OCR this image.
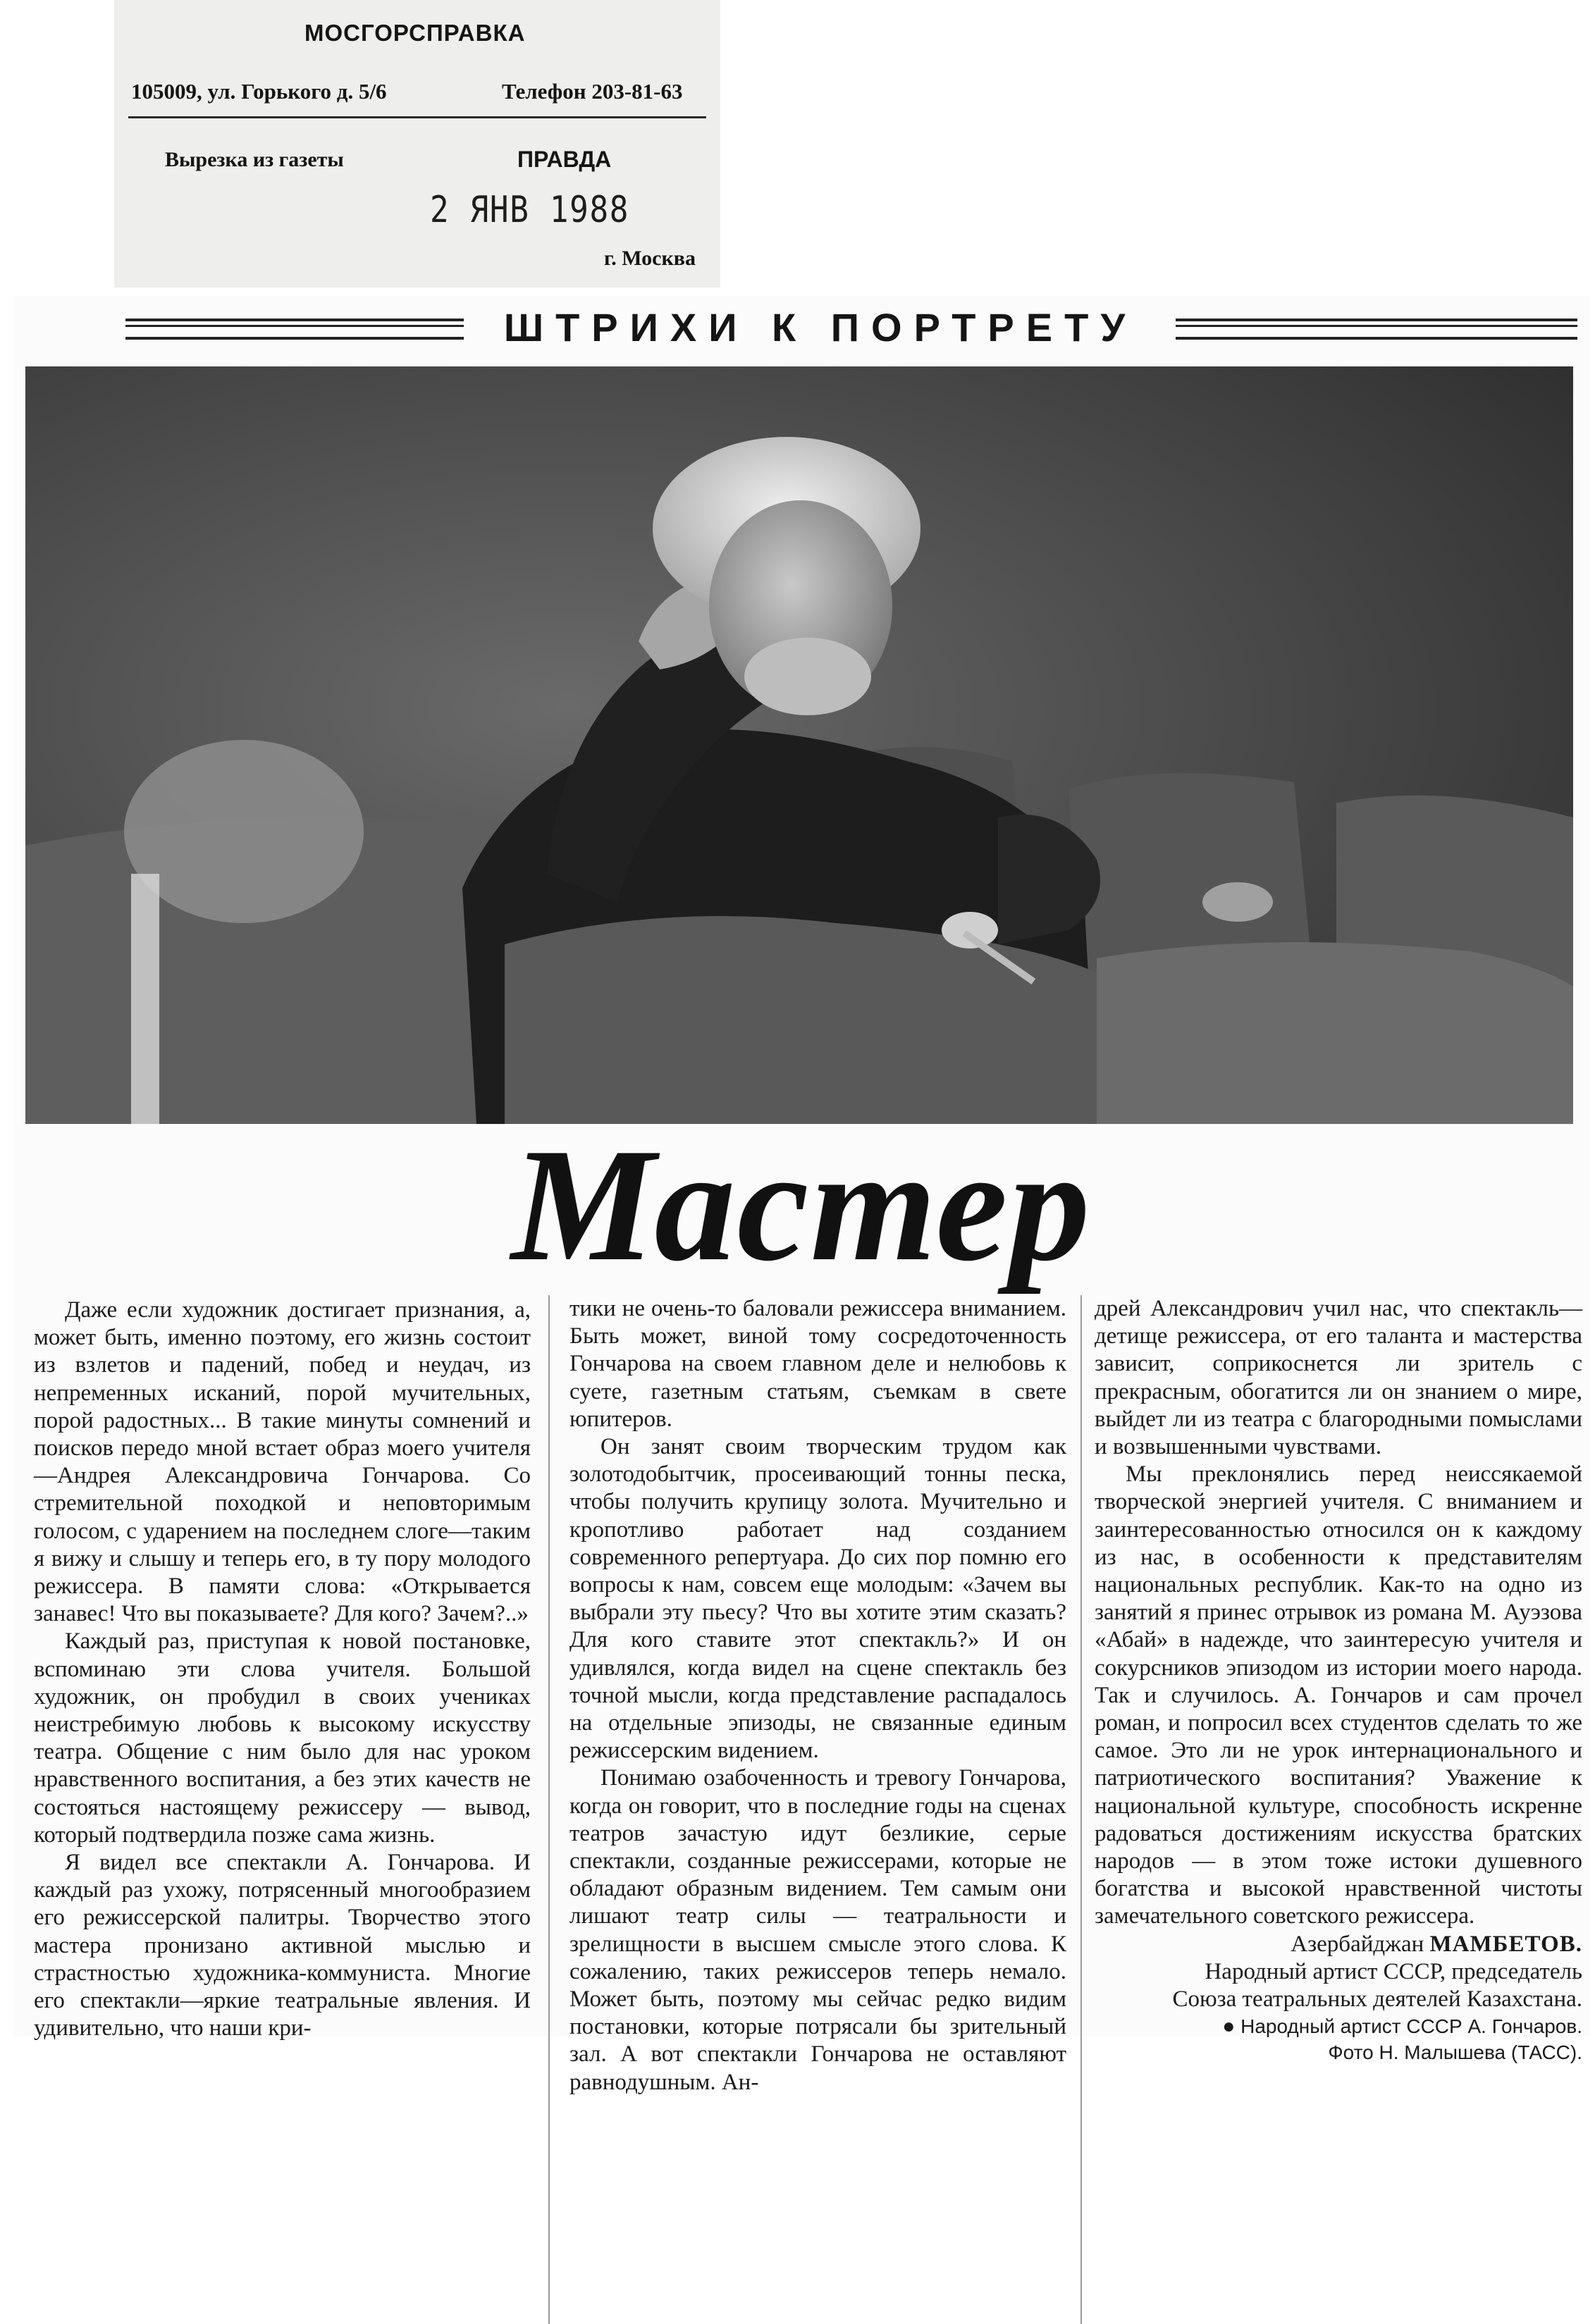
МОСГОРСПРАВКА
105009, ул. Горького д. 5/6	Телефон 203-81-63
Вырезка из газеты	ПРАВДА
2 ЯНВ 1988
г. Москва
ШТРИХИ К ПОРТРЕТУ
Мастер

Даже если художник достигает признания, а, может быть, именно поэтому, его жизнь состоит из взлетов и падений, побед и неудач, из непременных исканий, порой мучительных, порой радостных... В такие минуты сомнений и поисков передо мной встает образ моего учителя—Андрея Александровича Гончарова. Со стремительной походкой и неповторимым голосом, с ударением на последнем слоге—таким я вижу и слышу и теперь его, в ту пору молодого режиссера. В памяти слова: «Открывается занавес! Что вы показываете? Для кого? Зачем?..»

Каждый раз, приступая к новой постановке, вспоминаю эти слова учителя. Большой художник, он пробудил в своих учениках неистребимую любовь к высокому искусству театра. Общение с ним было для нас уроком нравственного воспитания, а без этих качеств не состояться настоящему режиссеру — вывод, который подтвердила позже сама жизнь.

Я видел все спектакли А. Гончарова. И каждый раз ухожу, потрясенный многообразием его режиссерской палитры. Творчество этого мастера пронизано активной мыслью и страстностью художника-коммуниста. Многие его спектакли—яркие театральные явления. И удивительно, что наши кри-

тики не очень-то баловали режиссера вниманием. Быть может, виной тому сосредоточенность Гончарова на своем главном деле и нелюбовь к суете, газетным статьям, съемкам в свете юпитеров.

Он занят своим творческим трудом как золотодобытчик, просеивающий тонны песка, чтобы получить крупицу золота. Мучительно и кропотливо работает над созданием современного репертуара. До сих пор помню его вопросы к нам, совсем еще молодым: «Зачем вы выбрали эту пьесу? Что вы хотите этим сказать? Для кого ставите этот спектакль?» И он удивлялся, когда видел на сцене спектакль без точной мысли, когда представление распадалось на отдельные эпизоды, не связанные единым режиссерским видением.

Понимаю озабоченность и тревогу Гончарова, когда он говорит, что в последние годы на сценах театров зачастую идут безликие, серые спектакли, созданные режиссерами, которые не обладают образным видением. Тем самым они лишают театр силы — театральности и зрелищности в высшем смысле этого слова. К сожалению, таких режиссеров теперь немало. Может быть, поэтому мы сейчас редко видим постановки, которые потрясали бы зрительный зал. А вот спектакли Гончарова не оставляют равнодушным. Ан-

дрей Александрович учил нас, что спектакль—детище режиссера, от его таланта и мастерства зависит, соприкоснется ли зритель с прекрасным, обогатится ли он знанием о мире, выйдет ли из театра с благородными помыслами и возвышенными чувствами.

Мы преклонялись перед неиссякаемой творческой энергией учителя. С вниманием и заинтересованностью относился он к каждому из нас, в особенности к представителям национальных республик. Как-то на одно из занятий я принес отрывок из романа М. Ауэзова «Абай» в надежде, что заинтересую учителя и сокурсников эпизодом из истории моего народа. Так и случилось. А. Гончаров и сам прочел роман, и попросил всех студентов сделать то же самое. Это ли не урок интернационального и патриотического воспитания? Уважение к национальной культуре, способность искренне радоваться достижениям искусства братских народов — в этом тоже истоки душевного богатства и высокой нравственной чистоты замечательного советского режиссера.

Азербайджан МАМБЕТОВ.
Народный артист СССР, председатель
Союза театральных деятелей Казахстана.
● Народный артист СССР А. Гончаров.
Фото Н. Малышева (ТАСС).
